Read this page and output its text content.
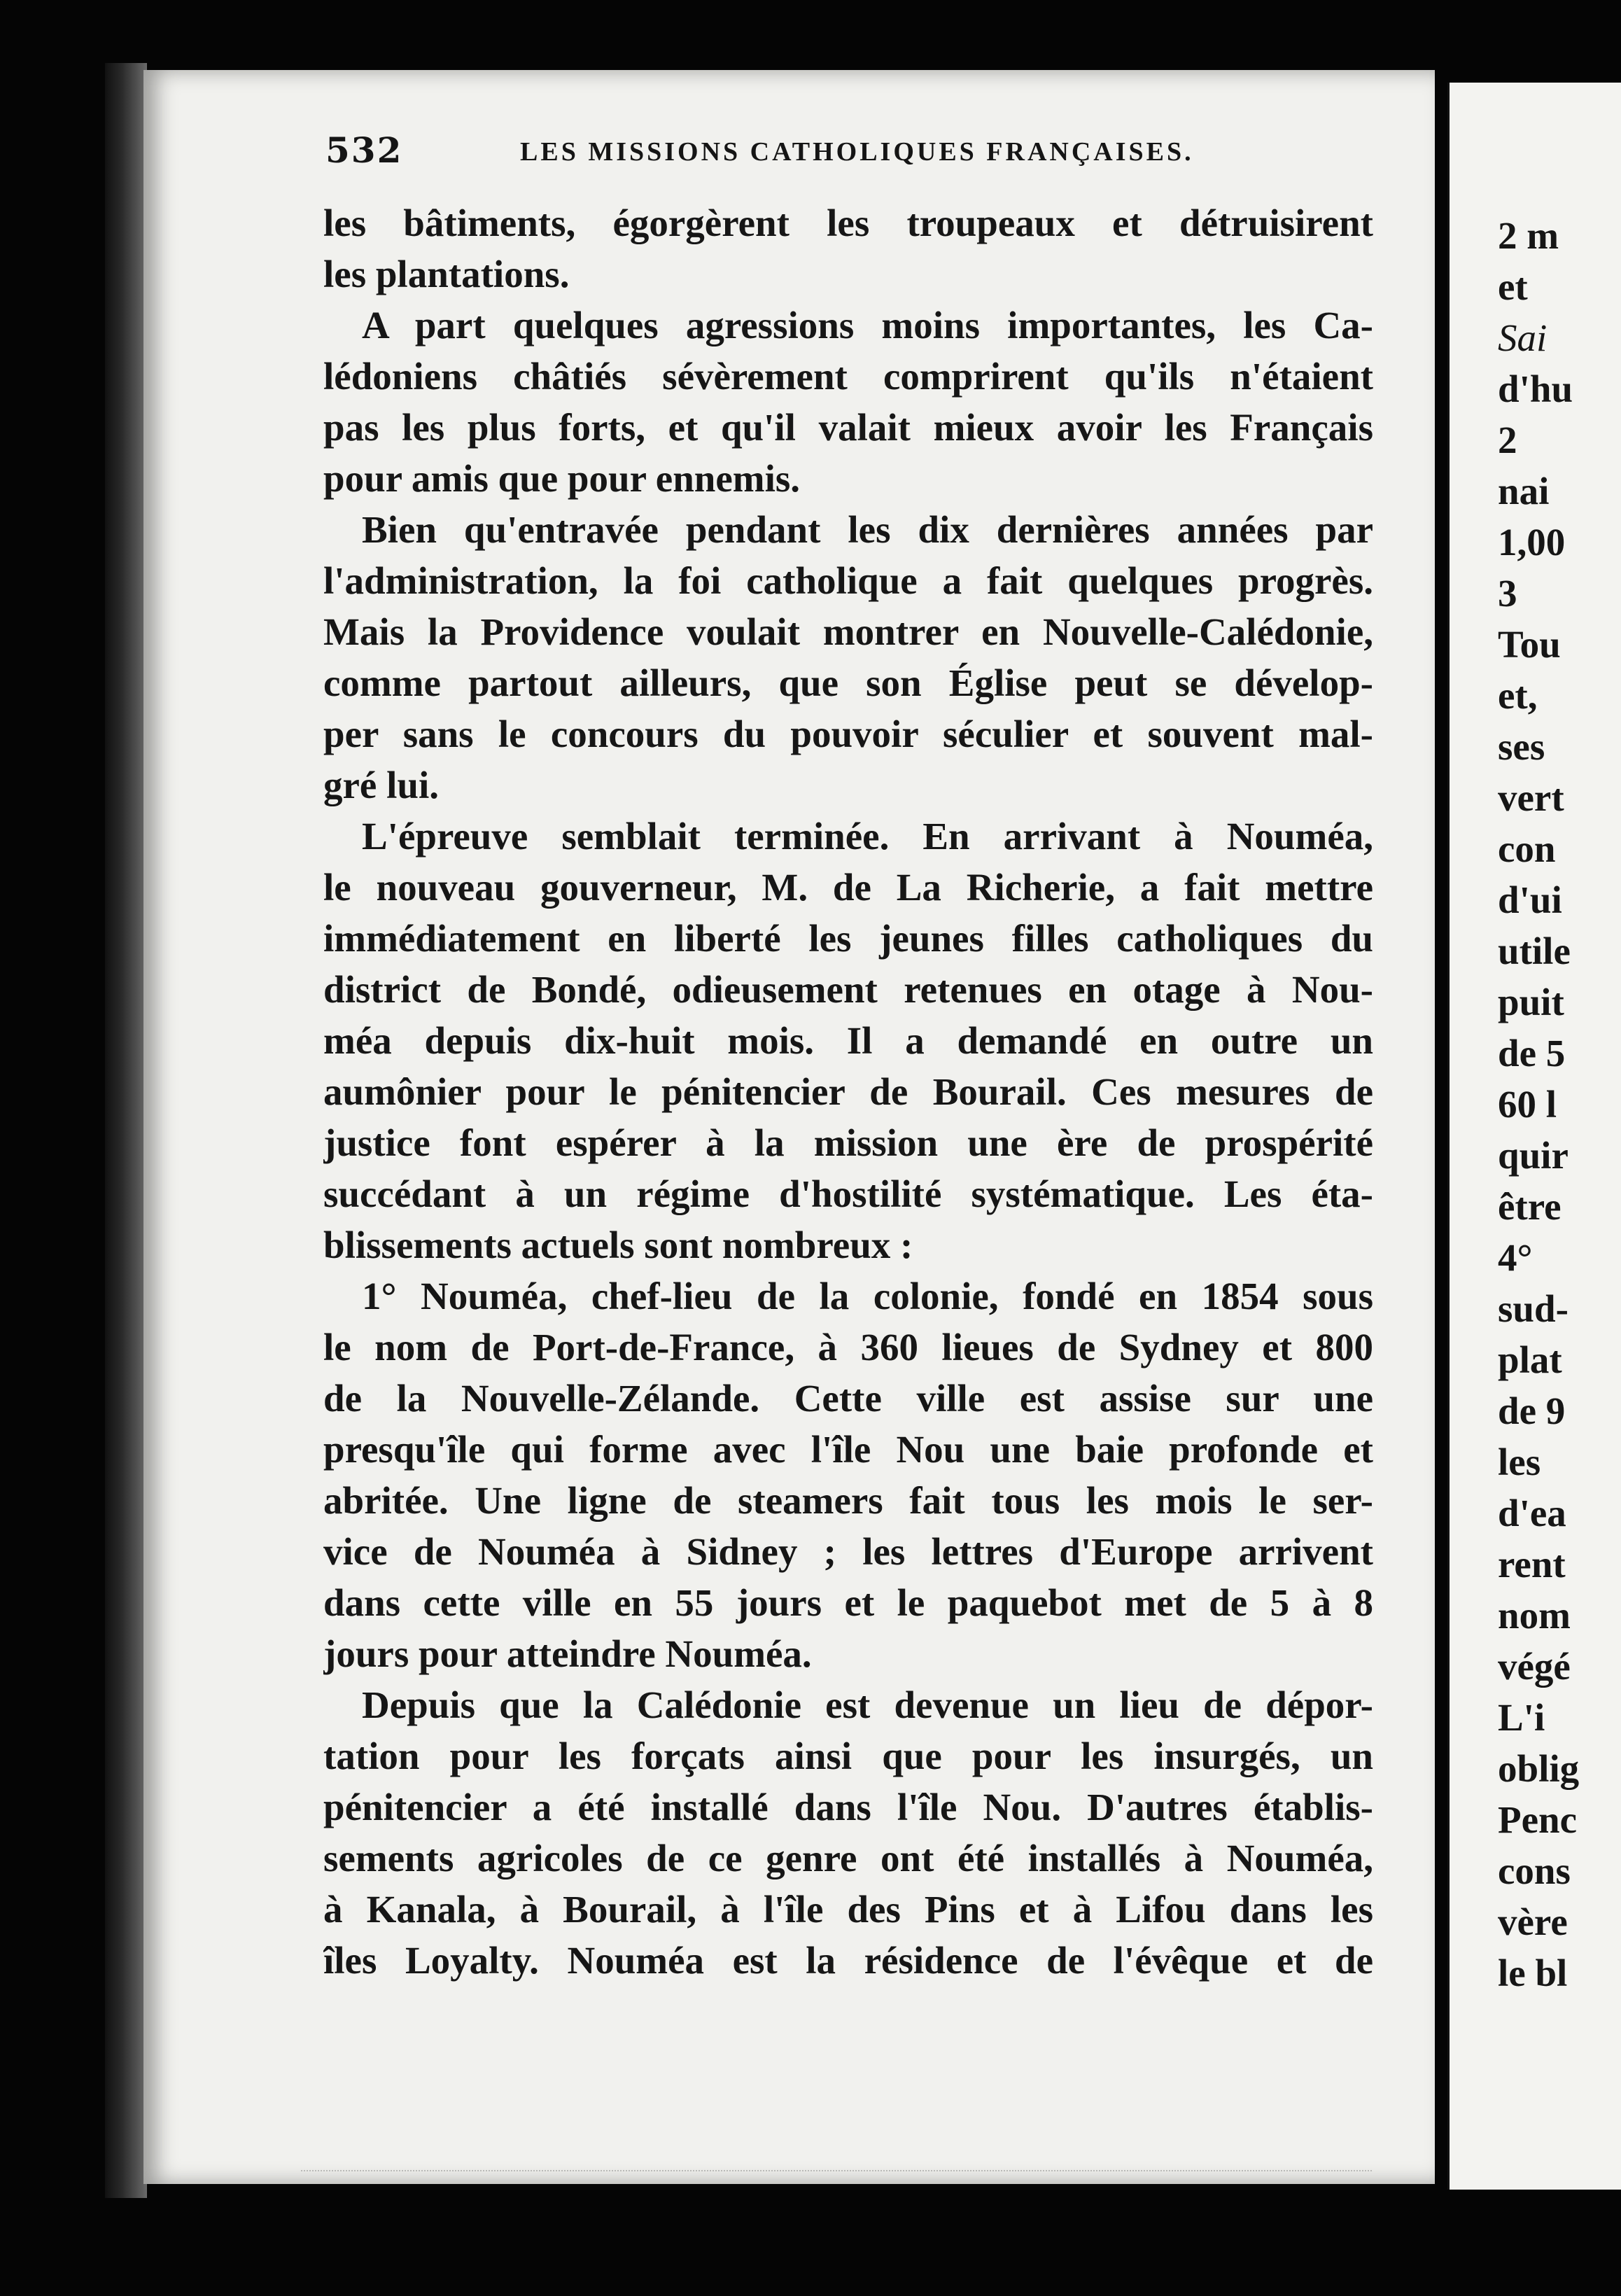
532	LES MISSIONS CATHOLIQUES FRANÇAISES.
les bâtiments, égorgèrent les troupeaux et détruisirent
les plantations.
A part quelques agressions moins importantes, les Ca-
lédoniens châtiés sévèrement comprirent qu'ils n'étaient
pas les plus forts, et qu'il valait mieux avoir les Français
pour amis que pour ennemis.
Bien qu'entravée pendant les dix dernières années par
l'administration, la foi catholique a fait quelques progrès.
Mais la Providence voulait montrer en Nouvelle-Calédonie,
comme partout ailleurs, que son Église peut se dévelop-
per sans le concours du pouvoir séculier et souvent mal-
gré lui.
L'épreuve semblait terminée. En arrivant à Nouméa,
le nouveau gouverneur, M. de La Richerie, a fait mettre
immédiatement en liberté les jeunes filles catholiques du
district de Bondé, odieusement retenues en otage à Nou-
méa depuis dix-huit mois. Il a demandé en outre un
aumônier pour le pénitencier de Bourail. Ces mesures de
justice font espérer à la mission une ère de prospérité
succédant à un régime d'hostilité systématique. Les éta-
blissements actuels sont nombreux :
1° Nouméa, chef-lieu de la colonie, fondé en 1854 sous
le nom de Port-de-France, à 360 lieues de Sydney et 800
de la Nouvelle-Zélande. Cette ville est assise sur une
presqu'île qui forme avec l'île Nou une baie profonde et
abritée. Une ligne de steamers fait tous les mois le ser-
vice de Nouméa à Sidney ; les lettres d'Europe arrivent
dans cette ville en 55 jours et le paquebot met de 5 à 8
jours pour atteindre Nouméa.
Depuis que la Calédonie est devenue un lieu de dépor-
tation pour les forçats ainsi que pour les insurgés, un
pénitencier a été installé dans l'île Nou. D'autres établis-
sements agricoles de ce genre ont été installés à Nouméa,
à Kanala, à Bourail, à l'île des Pins et à Lifou dans les
îles Loyalty. Nouméa est la résidence de l'évêque et de
2 m
et
Sai
d'hu
2
nai
1,00
3
Tou
et,
ses
vert
con
d'ui
utile
puit
de 5
60 l
quir
être
4°
sud-
plat
de 9
les
d'ea
rent
nom
végé
L'i
oblig
Penc
cons
vère
le bl
